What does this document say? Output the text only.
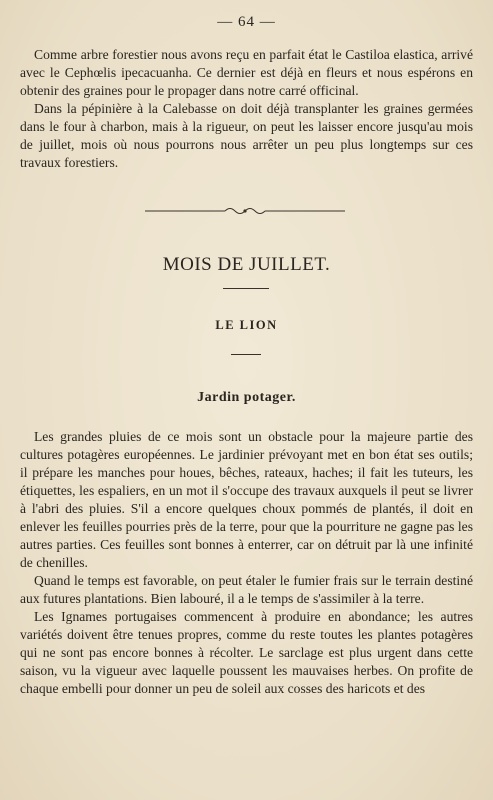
— 64 —

Comme arbre forestier nous avons reçu en parfait état le Castiloa elastica, arrivé avec le Cephœlis ipecacuanha. Ce dernier est déjà en fleurs et nous espérons en obtenir des graines pour le propager dans notre carré officinal.

Dans la pépinière à la Calebasse on doit déjà transplanter les graines germées dans le four à charbon, mais à la rigueur, on peut les laisser encore jusqu'au mois de juillet, mois où nous pourrons nous arrêter un peu plus longtemps sur ces travaux forestiers.

MOIS DE JUILLET.
LE LION
Jardin potager.

Les grandes pluies de ce mois sont un obstacle pour la majeure partie des cultures potagères européennes. Le jardinier prévoyant met en bon état ses outils; il prépare les manches pour houes, bêches, rateaux, haches; il fait les tuteurs, les étiquettes, les espaliers, en un mot il s'occupe des travaux auxquels il peut se livrer à l'abri des pluies. S'il a encore quelques choux pommés de plantés, il doit en enlever les feuilles pourries près de la terre, pour que la pourriture ne gagne pas les autres parties. Ces feuilles sont bonnes à enterrer, car on détruit par là une infinité de chenilles.

Quand le temps est favorable, on peut étaler le fumier frais sur le terrain destiné aux futures plantations. Bien labouré, il a le temps de s'assimiler à la terre.

Les Ignames portugaises commencent à produire en abondance; les autres variétés doivent être tenues propres, comme du reste toutes les plantes potagères qui ne sont pas encore bonnes à récolter. Le sarclage est plus urgent dans cette saison, vu la vigueur avec laquelle poussent les mauvaises herbes. On profite de chaque embelli pour donner un peu de soleil aux cosses des haricots et des
